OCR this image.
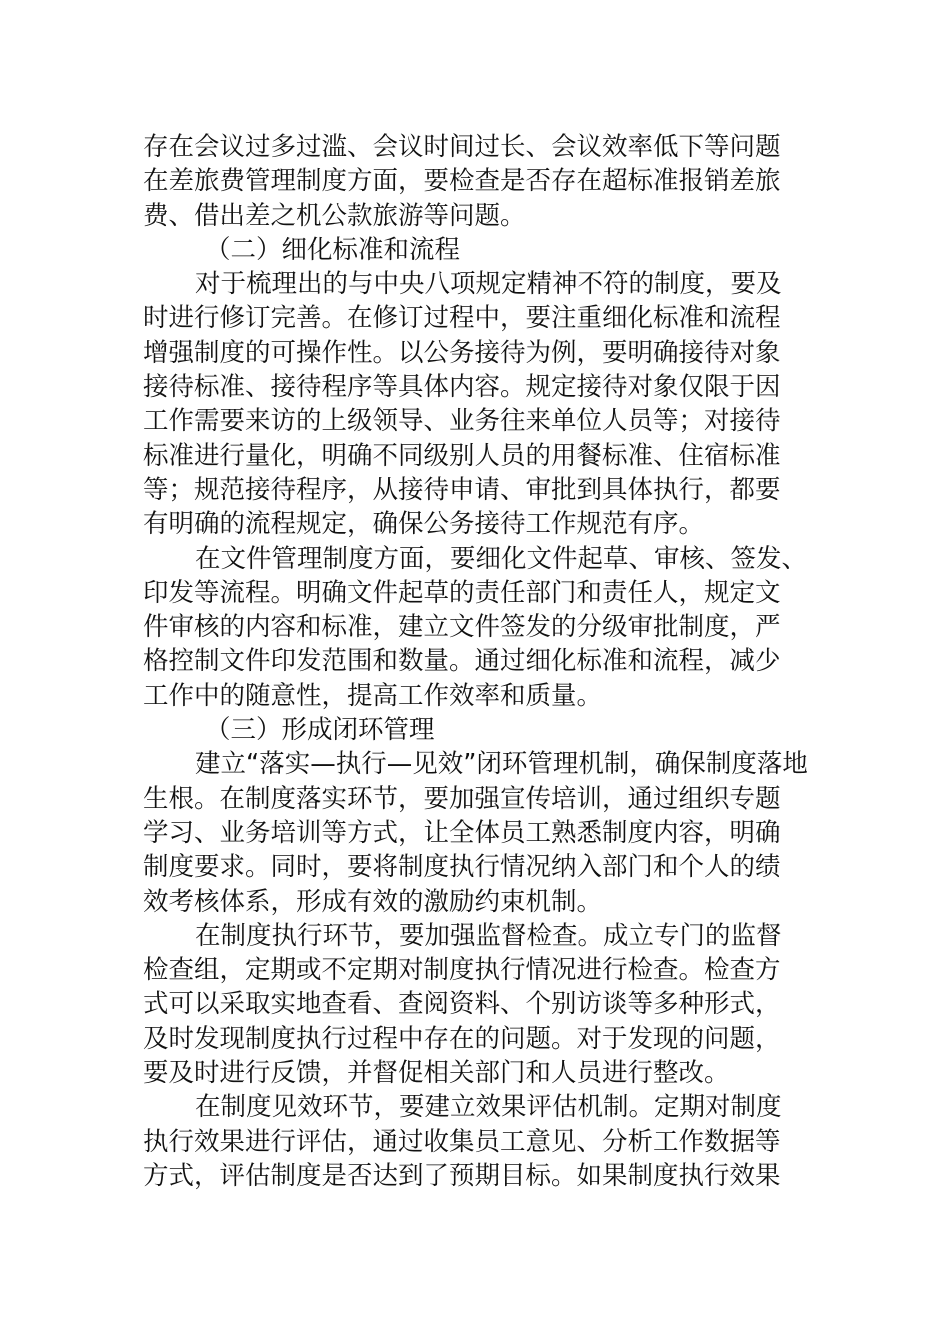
存在会议过多过滥、会议时间过长、会议效率低下等问题
在差旅费管理制度方面，要检查是否存在超标准报销差旅
费、借出差之机公款旅游等问题。
（二）细化标准和流程
对于梳理出的与中央八项规定精神不符的制度，要及
时进行修订完善。在修订过程中，要注重细化标准和流程
增强制度的可操作性。以公务接待为例，要明确接待对象
接待标准、接待程序等具体内容。规定接待对象仅限于因
工作需要来访的上级领导、业务往来单位人员等；对接待
标准进行量化，明确不同级别人员的用餐标准、住宿标准
等；规范接待程序，从接待申请、审批到具体执行，都要
有明确的流程规定，确保公务接待工作规范有序。
在文件管理制度方面，要细化文件起草、审核、签发、
印发等流程。明确文件起草的责任部门和责任人，规定文
件审核的内容和标准，建立文件签发的分级审批制度，严
格控制文件印发范围和数量。通过细化标准和流程，减少
工作中的随意性，提高工作效率和质量。
（三）形成闭环管理
建立“落实—执行—见效”闭环管理机制，确保制度落地
生根。在制度落实环节，要加强宣传培训，通过组织专题
学习、业务培训等方式，让全体员工熟悉制度内容，明确
制度要求。同时，要将制度执行情况纳入部门和个人的绩
效考核体系，形成有效的激励约束机制。
在制度执行环节，要加强监督检查。成立专门的监督
检查组，定期或不定期对制度执行情况进行检查。检查方
式可以采取实地查看、查阅资料、个别访谈等多种形式，
及时发现制度执行过程中存在的问题。对于发现的问题，
要及时进行反馈，并督促相关部门和人员进行整改。
在制度见效环节，要建立效果评估机制。定期对制度
执行效果进行评估，通过收集员工意见、分析工作数据等
方式，评估制度是否达到了预期目标。如果制度执行效果
